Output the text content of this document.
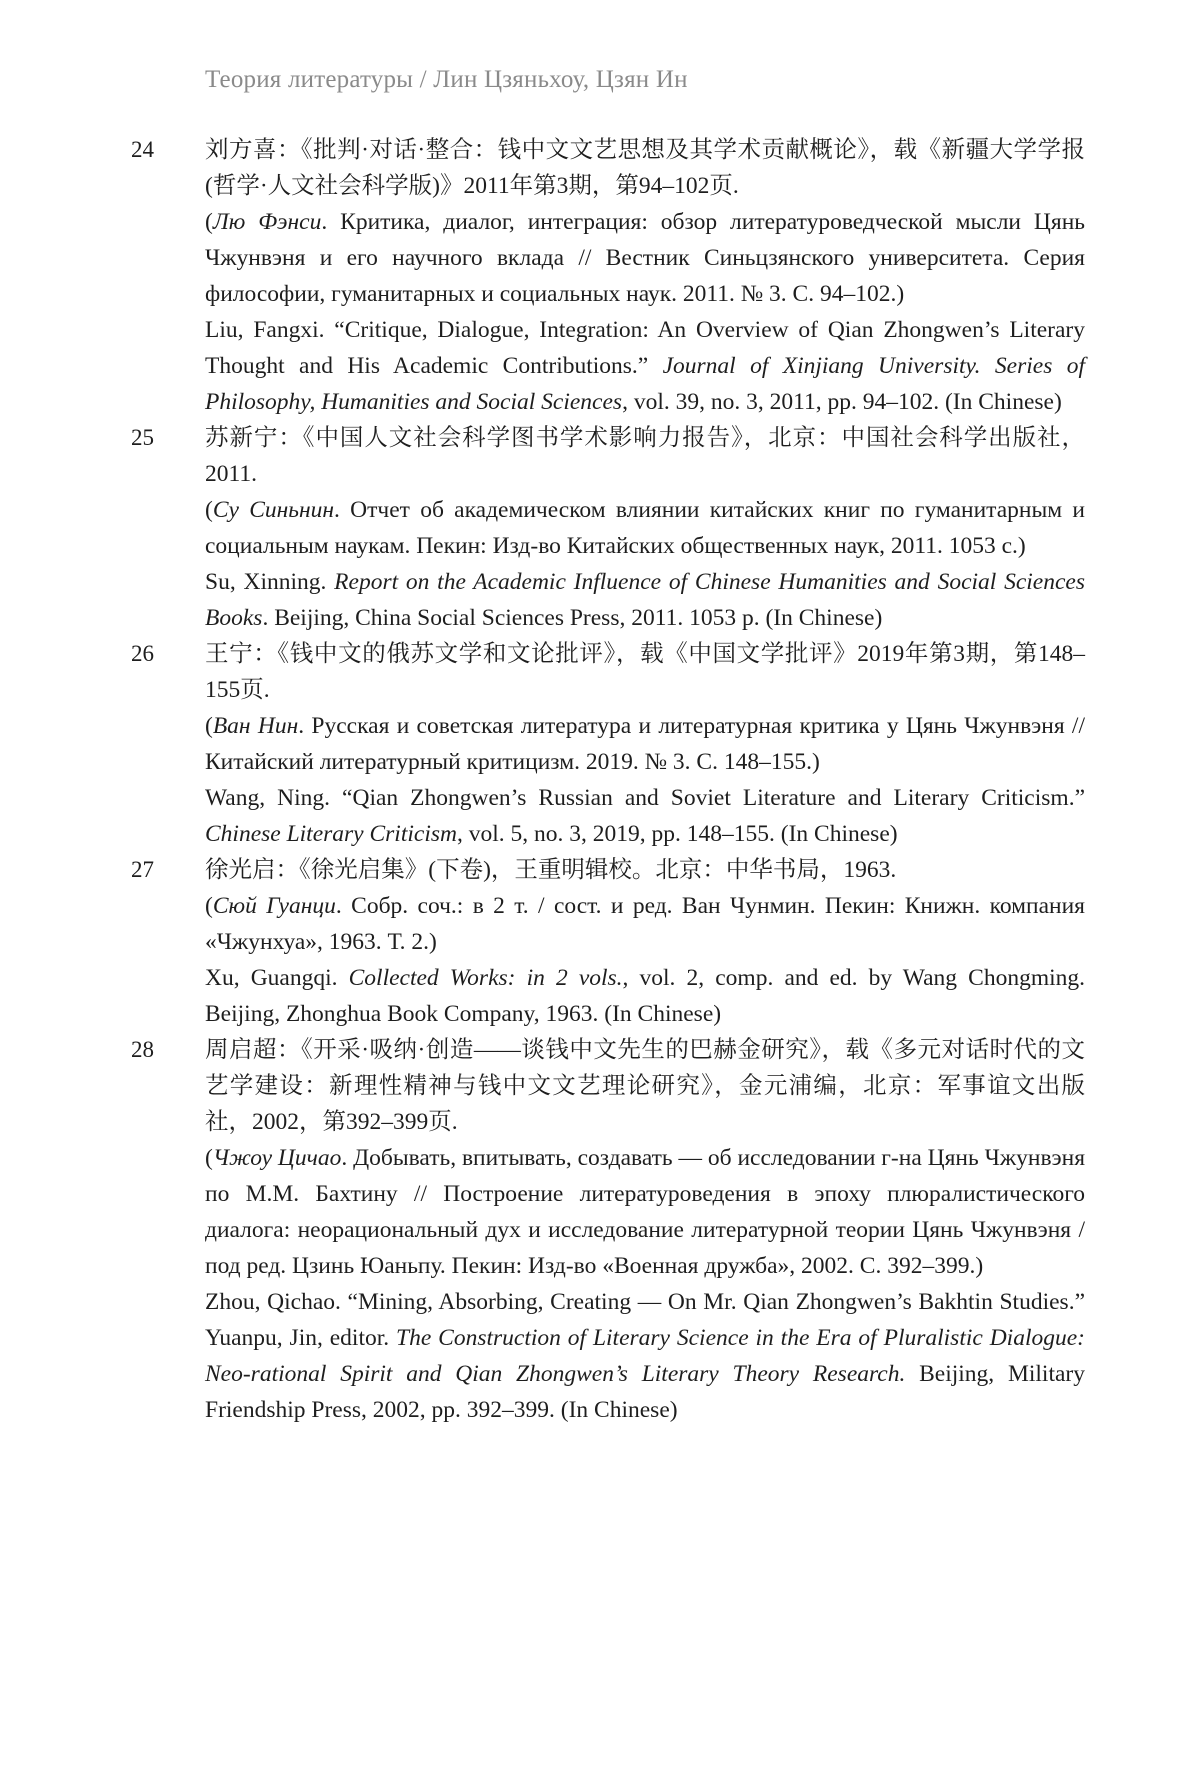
Теория литературы / Лин Цзяньхоу, Цзян Ин
24	刘方喜：《批判·对话·整合：钱中文文艺思想及其学术贡献概论》，载《新疆大学学报(哲学·人文社会科学版)》2011年第3期，第94–102页.

(Лю Фэнси. Критика, диалог, интеграция: обзор литературоведческой мысли Цянь Чжунвэня и его научного вклада // Вестник Синьцзянского университета. Серия философии, гуманитарных и социальных наук. 2011. № 3. С. 94–102.)

Liu, Fangxi. “Critique, Dialogue, Integration: An Overview of Qian Zhongwen’s Literary Thought and His Academic Contributions.” Journal of Xinjiang University. Series of Philosophy, Humanities and Social Sciences, vol. 39, no. 3, 2011, pp. 94–102. (In Chinese)

25	苏新宁：《中国人文社会科学图书学术影响力报告》，北京：中国社会科学出版社，2011.

(Су Синьнин. Отчет об академическом влиянии китайских книг по гуманитарным и социальным наукам. Пекин: Изд-во Китайских общественных наук, 2011. 1053 с.)

Su, Xinning. Report on the Academic Influence of Chinese Humanities and Social Sciences Books. Beijing, China Social Sciences Press, 2011. 1053 p. (In Chinese)

26	王宁：《钱中文的俄苏文学和文论批评》，载《中国文学批评》2019年第3期，第148–155页.

(Ван Нин. Русская и советская литература и литературная критика у Цянь Чжунвэня // Китайский литературный критицизм. 2019. № 3. С. 148–155.)

Wang, Ning. “Qian Zhongwen’s Russian and Soviet Literature and Literary Criticism.” Chinese Literary Criticism, vol. 5, no. 3, 2019, pp. 148–155. (In Chinese)

27	徐光启：《徐光启集》(下卷)，王重明辑校。北京：中华书局，1963.

(Сюй Гуанци. Собр. соч.: в 2 т. / сост. и ред. Ван Чунмин. Пекин: Книжн. компания «Чжунхуа», 1963. Т. 2.)

Xu, Guangqi. Collected Works: in 2 vols., vol. 2, comp. and ed. by Wang Chongming. Beijing, Zhonghua Book Company, 1963. (In Chinese)

28	周启超：《开采·吸纳·创造——谈钱中文先生的巴赫金研究》，载《多元对话时代的文艺学建设：新理性精神与钱中文文艺理论研究》，金元浦编，北京：军事谊文出版社，2002，第392–399页.

(Чжоу Цичао. Добывать, впитывать, создавать — об исследовании г-на Цянь Чжунвэня по М.М. Бахтину // Построение литературоведения в эпоху плюралистического диалога: неорациональный дух и исследование литературной теории Цянь Чжунвэня / под ред. Цзинь Юаньпу. Пекин: Изд-во «Военная дружба», 2002. С. 392–399.)

Zhou, Qichao. “Mining, Absorbing, Creating — On Mr. Qian Zhongwen’s Bakhtin Studies.” Yuanpu, Jin, editor. The Construction of Literary Science in the Era of Pluralistic Dialogue: Neo-rational Spirit and Qian Zhongwen’s Literary Theory Research. Beijing, Military Friendship Press, 2002, pp. 392–399. (In Chinese)
